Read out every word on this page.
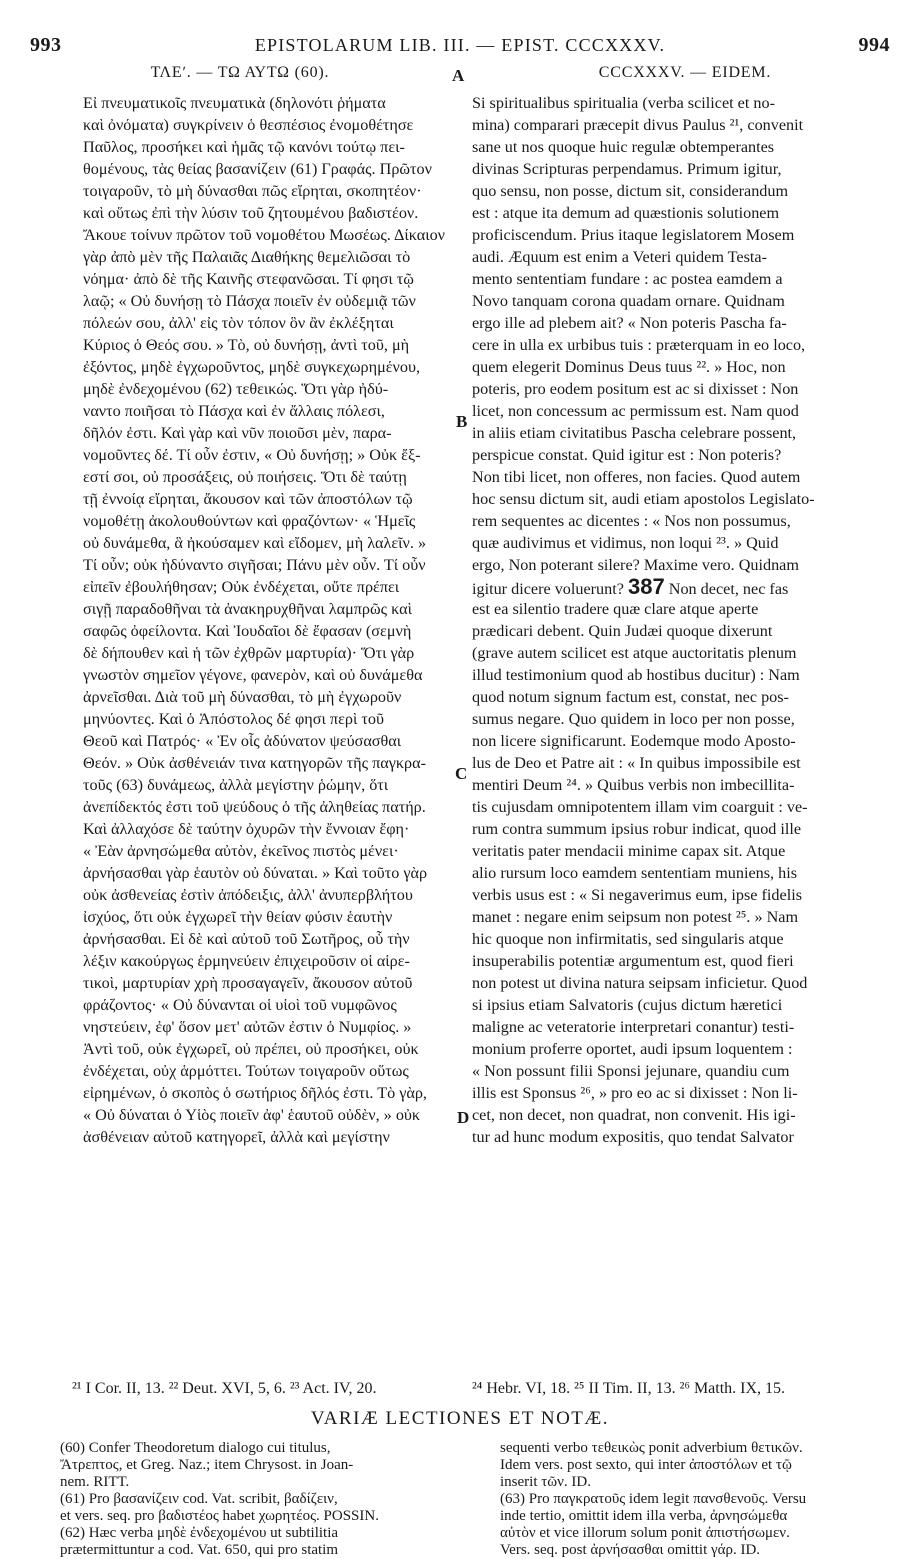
993	EPISTOLARUM LIB. III. — EPIST. CCCXXXV.	994
ΤΛΕʹ. — ΤΩ ΑΥΤΩ (60).	CCCXXXV. — EIDEM.
A
B
C
D
Εἰ πνευματικοῖς πνευματικὰ (δηλονότι ῥήματα
καὶ ὀνόματα) συγκρίνειν ὁ θεσπέσιος ἐνομοθέτησε
Παῦλος, προσήκει καὶ ἡμᾶς τῷ κανόνι τούτῳ πει-
θομένους, τὰς θείας βασανίζειν (61) Γραφάς. Πρῶτον
τοιγαροῦν, τὸ μὴ δύνασθαι πῶς εἴρηται, σκοπητέον·
καὶ οὕτως ἐπὶ τὴν λύσιν τοῦ ζητουμένου βαδιστέον.
Ἄκουε τοίνυν πρῶτον τοῦ νομοθέτου Μωσέως. Δίκαιον
γὰρ ἀπὸ μὲν τῆς Παλαιᾶς Διαθήκης θεμελιῶσαι τὸ
νόημα· ἀπὸ δὲ τῆς Καινῆς στεφανῶσαι. Τί φησι τῷ
λαῷ; « Οὐ δυνήσῃ τὸ Πάσχα ποιεῖν ἐν οὐδεμιᾷ τῶν
πόλεών σου, ἀλλ' εἰς τὸν τόπον ὃν ἂν ἐκλέξηται
Κύριος ὁ Θεός σου. » Τὸ, οὐ δυνήσῃ, ἀντὶ τοῦ, μὴ
ἐξόντος, μηδὲ ἐγχωροῦντος, μηδὲ συγκεχωρημένου,
μηδὲ ἐνδεχομένου (62) τεθεικώς. Ὅτι γὰρ ἠδύ-
ναντο ποιῆσαι τὸ Πάσχα καὶ ἐν ἄλλαις πόλεσι,
δῆλόν ἐστι. Καὶ γὰρ καὶ νῦν ποιοῦσι μὲν, παρα-
νομοῦντες δέ. Τί οὖν ἐστιν, « Οὐ δυνήσῃ; » Οὐκ ἔξ-
εστί σοι, οὐ προσάξεις, οὐ ποιήσεις. Ὅτι δὲ ταύτῃ
τῇ ἐννοίᾳ εἴρηται, ἄκουσον καὶ τῶν ἀποστόλων τῷ
νομοθέτῃ ἀκολουθούντων καὶ φραζόντων· « Ἡμεῖς
οὐ δυνάμεθα, ἃ ἠκούσαμεν καὶ εἴδομεν, μὴ λαλεῖν. »
Τί οὖν; οὐκ ἠδύναντο σιγῆσαι; Πάνυ μὲν οὖν. Τί οὖν
εἰπεῖν ἐβουλήθησαν; Οὐκ ἐνδέχεται, οὔτε πρέπει
σιγῇ παραδοθῆναι τὰ ἀνακηρυχθῆναι λαμπρῶς καὶ
σαφῶς ὀφείλοντα. Καὶ Ἰουδαῖοι δὲ ἔφασαν (σεμνὴ
δὲ δήπουθεν καὶ ἡ τῶν ἐχθρῶν μαρτυρία)· Ὅτι γὰρ
γνωστὸν σημεῖον γέγονε, φανερὸν, καὶ οὐ δυνάμεθα
ἀρνεῖσθαι. Διὰ τοῦ μὴ δύνασθαι, τὸ μὴ ἐγχωροῦν
μηνύοντες. Καὶ ὁ Ἀπόστολος δέ φησι περὶ τοῦ
Θεοῦ καὶ Πατρός· « Ἐν οἷς ἀδύνατον ψεύσασθαι
Θεόν. » Οὐκ ἀσθένειάν τινα κατηγορῶν τῆς παγκρα-
τοῦς (63) δυνάμεως, ἀλλὰ μεγίστην ῥώμην, ὅτι
ἀνεπίδεκτός ἐστι τοῦ ψεύδους ὁ τῆς ἀληθείας πατήρ.
Καὶ ἀλλαχόσε δὲ ταύτην ὀχυρῶν τὴν ἔννοιαν ἔφη·
« Ἐὰν ἀρνησώμεθα αὐτὸν, ἐκεῖνος πιστὸς μένει·
ἀρνήσασθαι γὰρ ἑαυτὸν οὐ δύναται. » Καὶ τοῦτο γὰρ
οὐκ ἀσθενείας ἐστὶν ἀπόδειξις, ἀλλ' ἀνυπερβλήτου
ἰσχύος, ὅτι οὐκ ἐγχωρεῖ τὴν θείαν φύσιν ἑαυτὴν
ἀρνήσασθαι. Εἰ δὲ καὶ αὐτοῦ τοῦ Σωτῆρος, οὗ τὴν
λέξιν κακούργως ἑρμηνεύειν ἐπιχειροῦσιν οἱ αἱρε-
τικοὶ, μαρτυρίαν χρὴ προσαγαγεῖν, ἄκουσον αὐτοῦ
φράζοντος· « Οὐ δύνανται οἱ υἱοὶ τοῦ νυμφῶνος
νηστεύειν, ἐφ' ὅσον μετ' αὐτῶν ἐστιν ὁ Νυμφίος. »
Ἀντὶ τοῦ, οὐκ ἐγχωρεῖ, οὐ πρέπει, οὐ προσήκει, οὐκ
ἐνδέχεται, οὐχ ἁρμόττει. Τούτων τοιγαροῦν οὕτως
εἰρημένων, ὁ σκοπὸς ὁ σωτήριος δῆλός ἐστι. Τὸ γὰρ,
« Οὐ δύναται ὁ Υἱὸς ποιεῖν ἀφ' ἑαυτοῦ οὐδὲν, » οὐκ
ἀσθένειαν αὐτοῦ κατηγορεῖ, ἀλλὰ καὶ μεγίστην
Si spiritualibus spiritualia (verba scilicet et no-
mina) comparari præcepit divus Paulus ²¹, convenit
sane ut nos quoque huic regulæ obtemperantes
divinas Scripturas perpendamus. Primum igitur,
quo sensu, non posse, dictum sit, considerandum
est : atque ita demum ad quæstionis solutionem
proficiscendum. Prius itaque legislatorem Mosem
audi. Æquum est enim a Veteri quidem Testa-
mento sententiam fundare : ac postea eamdem a
Novo tanquam corona quadam ornare. Quidnam
ergo ille ad plebem ait? « Non poteris Pascha fa-
cere in ulla ex urbibus tuis : præterquam in eo loco,
quem elegerit Dominus Deus tuus ²². » Hoc, non
poteris, pro eodem positum est ac si dixisset : Non
licet, non concessum ac permissum est. Nam quod
in aliis etiam civitatibus Pascha celebrare possent,
perspicue constat. Quid igitur est : Non poteris?
Non tibi licet, non offeres, non facies. Quod autem
hoc sensu dictum sit, audi etiam apostolos Legislato-
rem sequentes ac dicentes : « Nos non possumus,
quæ audivimus et vidimus, non loqui ²³. » Quid
ergo, Non poterant silere? Maxime vero. Quidnam
igitur dicere voluerunt? 387 Non decet, nec fas
est ea silentio tradere quæ clare atque aperte
prædicari debent. Quin Judæi quoque dixerunt
(grave autem scilicet est atque auctoritatis plenum
illud testimonium quod ab hostibus ducitur) : Nam
quod notum signum factum est, constat, nec pos-
sumus negare. Quo quidem in loco per non posse,
non licere significarunt. Eodemque modo Aposto-
lus de Deo et Patre ait : « In quibus impossibile est
mentiri Deum ²⁴. » Quibus verbis non imbecillita-
tis cujusdam omnipotentem illam vim coarguit : ve-
rum contra summum ipsius robur indicat, quod ille
veritatis pater mendacii minime capax sit. Atque
alio rursum loco eamdem sententiam muniens, his
verbis usus est : « Si negaverimus eum, ipse fidelis
manet : negare enim seipsum non potest ²⁵. » Nam
hic quoque non infirmitatis, sed singularis atque
insuperabilis potentiæ argumentum est, quod fieri
non potest ut divina natura seipsam inficietur. Quod
si ipsius etiam Salvatoris (cujus dictum hæretici
maligne ac veteratorie interpretari conantur) testi-
monium proferre oportet, audi ipsum loquentem :
« Non possunt filii Sponsi jejunare, quandiu cum
illis est Sponsus ²⁶, » pro eo ac si dixisset : Non li-
cet, non decet, non quadrat, non convenit. His igi-
tur ad hunc modum expositis, quo tendat Salvator
²¹ I Cor. II, 13. ²² Deut. XVI, 5, 6. ²³ Act. IV, 20.	²⁴ Hebr. VI, 18. ²⁵ II Tim. II, 13. ²⁶ Matth. IX, 15.
VARIÆ LECTIONES ET NOTÆ.
(60) Confer Theodoretum dialogo cui titulus,
Ἄτρεπτος, et Greg. Naz.; item Chrysost. in Joan-
nem. RITT.
(61) Pro βασανίζειν cod. Vat. scribit, βαδίζειν,
et vers. seq. pro βαδιστέος habet χωρητέος. POSSIN.
(62) Hæc verba μηδὲ ἐνδεχομένου ut subtilitia
prætermittuntur a cod. Vat. 650, qui pro statim
sequenti verbo τεθεικὼς ponit adverbium θετικῶν.
Idem vers. post sexto, qui inter ἀποστόλων et τῷ
inserit τῶν. ID.
(63) Pro παγκρατοῦς idem legit πανσθενοῦς. Versu
inde tertio, omittit idem illa verba, ἀρνησώμεθα
αὐτὸν et vice illorum solum ponit ἀπιστήσωμεν.
Vers. seq. post ἀρνήσασθαι omittit γάρ. ID.
